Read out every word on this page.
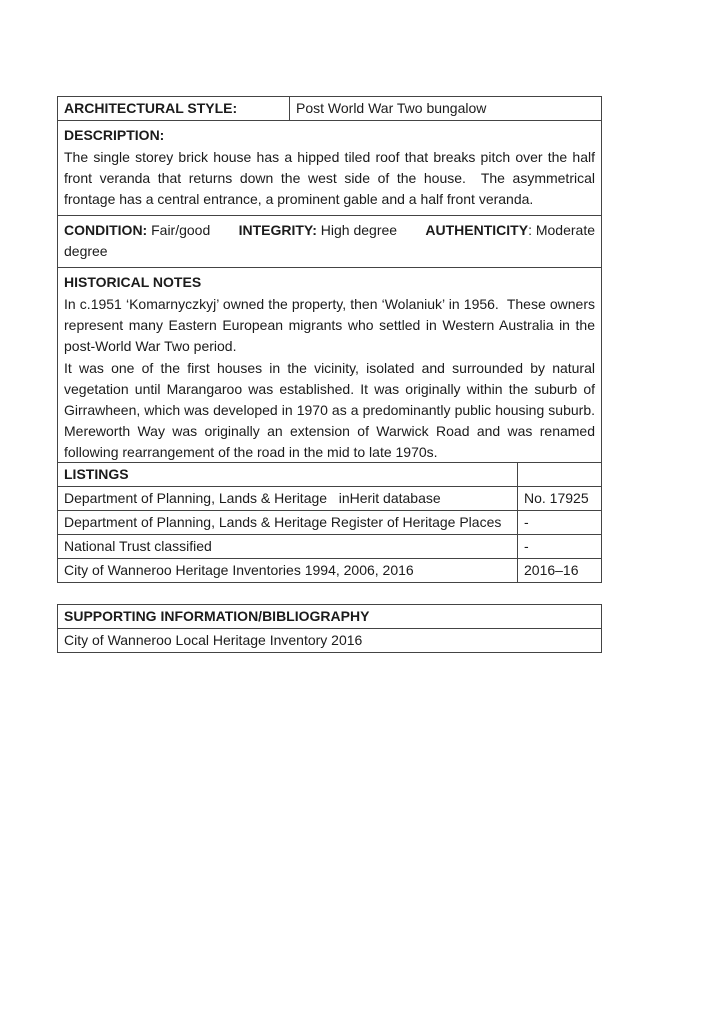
ARCHITECTURAL STYLE:	Post World War Two bungalow
DESCRIPTION:

The single storey brick house has a hipped tiled roof that breaks pitch over the half front veranda that returns down the west side of the house.  The asymmetrical frontage has a central entrance, a prominent gable and a half front veranda.

CONDITION: Fair/good INTEGRITY: High degree AUTHENTICITY: Moderate
degree
HISTORICAL NOTES

In c.1951 ‘Komarnyczkyj’ owned the property, then ‘Wolaniuk’ in 1956.  These owners represent many Eastern European migrants who settled in Western Australia in the post-World War Two period.

It was one of the first houses in the vicinity, isolated and surrounded by natural vegetation until Marangaroo was established. It was originally within the suburb of Girrawheen, which was developed in 1970 as a predominantly public housing suburb. Mereworth Way was originally an extension of Warwick Road and was renamed following rearrangement of the road in the mid to late 1970s.

LISTINGS
Department of Planning, Lands & Heritage   inHerit database	No. 17925
Department of Planning, Lands & Heritage Register of Heritage Places	-
National Trust classified	-
City of Wanneroo Heritage Inventories 1994, 2006, 2016	2016–16
SUPPORTING INFORMATION/BIBLIOGRAPHY
City of Wanneroo Local Heritage Inventory 2016
